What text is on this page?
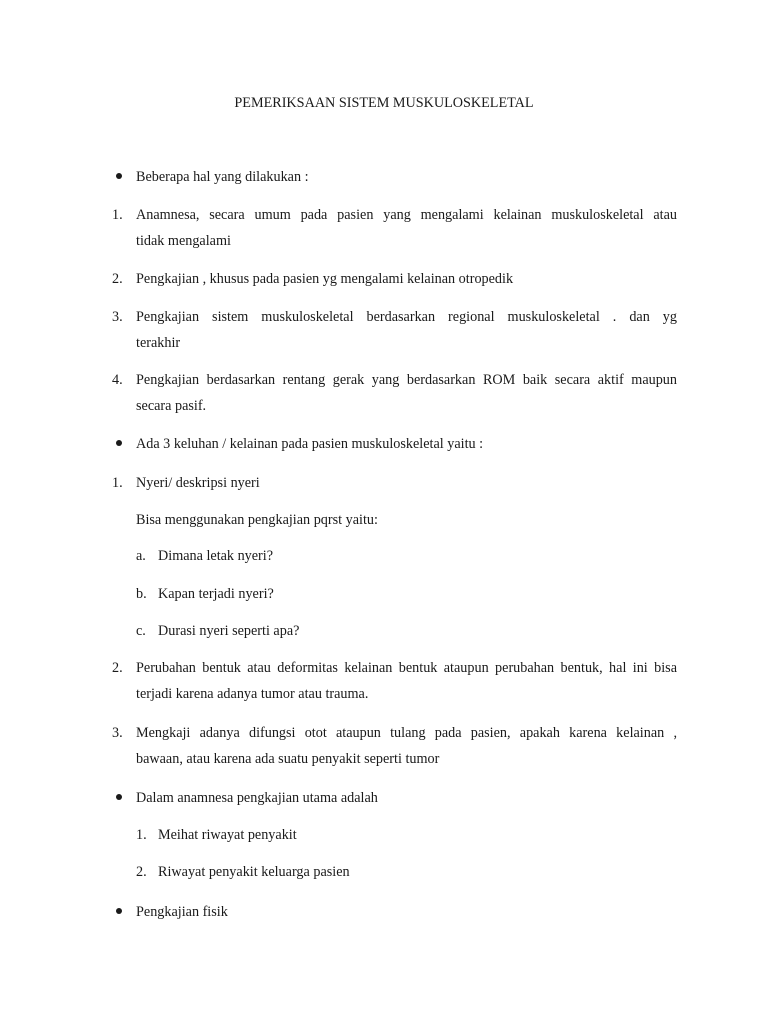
PEMERIKSAAN SISTEM MUSKULOSKELETAL
Beberapa hal yang dilakukan :
1. Anamnesa, secara umum pada pasien yang mengalami kelainan muskuloskeletal atau
tidak mengalami
2. Pengkajian , khusus pada pasien yg mengalami kelainan otropedik
3. Pengkajian sistem muskuloskeletal berdasarkan regional muskuloskeletal . dan yg
terakhir
4. Pengkajian berdasarkan rentang gerak yang berdasarkan ROM baik secara aktif maupun
secara pasif.
Ada 3 keluhan / kelainan pada pasien muskuloskeletal yaitu :
1. Nyeri/ deskripsi nyeri
Bisa menggunakan pengkajian pqrst yaitu:
a. Dimana letak nyeri?
b. Kapan terjadi nyeri?
c. Durasi nyeri seperti apa?
2. Perubahan bentuk atau deformitas kelainan bentuk ataupun perubahan bentuk, hal ini bisa
terjadi karena adanya tumor atau trauma.
3. Mengkaji adanya difungsi otot ataupun tulang pada pasien, apakah karena kelainan ,
bawaan, atau karena ada suatu penyakit seperti tumor
Dalam anamnesa pengkajian utama adalah
1. Meihat riwayat penyakit
2. Riwayat penyakit keluarga pasien
Pengkajian fisik
